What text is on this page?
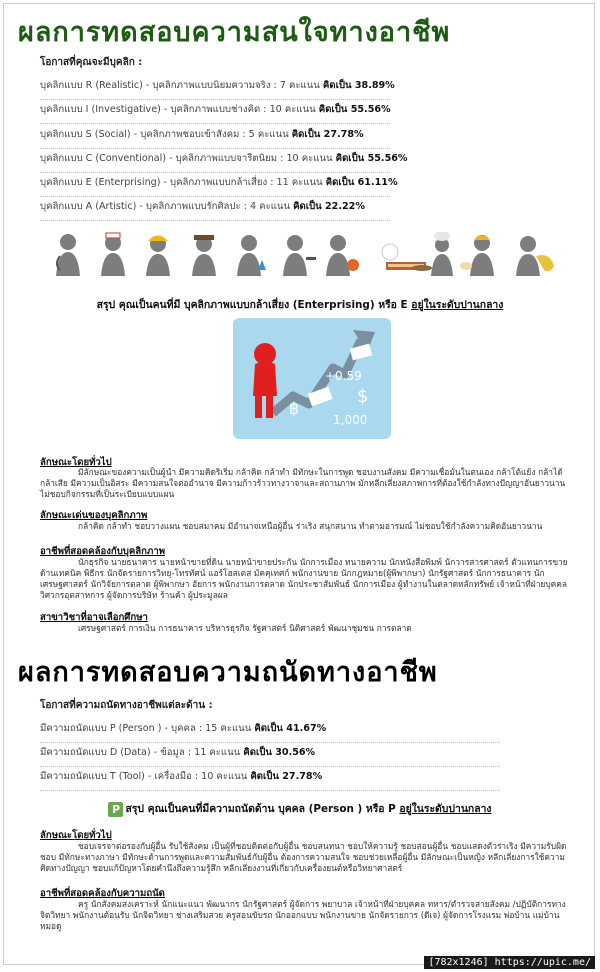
ผลการทดสอบความสนใจทางอาชีพ
โอกาสที่คุณจะมีบุคลิก :
บุคลิกแบบ R (Realistic) - บุคลิกภาพแบบนิยมความจริง : 7 คะแนน คิดเป็น 38.89%
บุคลิกแบบ I (Investigative) - บุคลิกภาพแบบช่างคิด : 10 คะแนน คิดเป็น 55.56%
บุคลิกแบบ S (Social) - บุคลิกภาพชอบเข้าสังคม : 5 คะแนน คิดเป็น 27.78%
บุคลิกแบบ C (Conventional) - บุคลิกภาพแบบจารีตนิยม : 10 คะแนน คิดเป็น 55.56%
บุคลิกแบบ E (Enterprising) - บุคลิกภาพแบบกล้าเสี่ยง : 11 คะแนน คิดเป็น 61.11%
บุคลิกแบบ A (Artistic) - บุคลิกภาพแบบรักศิลปะ : 4 คะแนน คิดเป็น 22.22%
สรุป คุณเป็นคนที่มี บุคลิกภาพแบบกล้าเสี่ยง (Enterprising) หรือ E อยู่ในระดับปานกลาง
+0.59
$
1,000
฿
ลักษณะโดยทั่วไป
มีลักษณะของความเป็นผู้นำ มีความคิดริเริ่ม กล้าคิด กล้าทำ มีทักษะในการพูด ชอบงานสังคม มีความเชื่อมั่นในตนเอง กล้าโต้แย้ง กล้าได้ กล้าเสีย มีความเป็นอิสระ มีความสนใจต่ออำนาจ มีความก้าวร้าวทางวาจาและสถานภาพ มักหลีกเลี่ยงสภาพการที่ต้องใช้กำลังทางปัญญาอันยาวนาน ไม่ชอบกิจกรรมที่เป็นระเบียบแบบแผน
ลักษณะเด่นของบุคลิกภาพ
กล้าคิด กล้าทำ ชอบวางแผน ชอบสมาคม มีอำนาจเหนือผู้อื่น ร่าเริง สนุกสนาน ทำตามอารมณ์ ไม่ชอบใช้กำลังความคิดอันยาวนาน
อาชีพที่สอดคล้องกับบุคลิกภาพ
นักธุรกิจ นายธนาคาร นายหน้าขายที่ดิน นายหน้าขายประกัน นักการเมือง ทนายความ นักหนังสือพิมพ์ นักวารสารศาสตร์ ตัวแทนการขาย ด้านเทคนิค พิธีกร นักจัดรายการวิทยุ-โทรทัศน์ แอร์โฮสเตส มัคคุเทศก์ พนักงานขาย นักกฎหมาย(ผู้พิพากษา) นักรัฐศาสตร์ นักการธนาคาร นักเศรษฐศาสตร์ นักวิจัยการตลาด ผู้พิพากษา อัยการ พนักงานการตลาด นักประชาสัมพันธ์ นักการเมือง ผู้ทำงานในตลาดหลักทรัพย์ เจ้าหน้าที่ฝ่ายบุคคล วิศวกรอุตสาหการ ผู้จัดการบริษัท ร้านค้า ผู้ประมูลผล
สาขาวิชาที่อาจเลือกศึกษา
เศรษฐศาสตร์ การเงิน การธนาคาร บริหารธุรกิจ รัฐศาสตร์ นิติศาสตร์ พัฒนาชุมชน การตลาด
ผลการทดสอบความถนัดทางอาชีพ
โอกาสที่ความถนัดทางอาชีพแต่ละด้าน :
มีความถนัดแบบ P (Person ) - บุคคล : 15 คะแนน คิดเป็น 41.67%
มีความถนัดแบบ D (Data) - ข้อมูล : 11 คะแนน คิดเป็น 30.56%
มีความถนัดแบบ T (Tool) - เครื่องมือ : 10 คะแนน คิดเป็น 27.78%
P สรุป คุณเป็นคนที่มีความถนัดด้าน บุคคล (Person ) หรือ P อยู่ในระดับปานกลาง
ลักษณะโดยทั่วไป
ชอบเจรจาต่อรองกับผู้อื่น รับใช้สังคม เป็นผู้ที่ชอบติดต่อกับผู้อื่น ชอบสนทนา ชอบให้ความรู้ ชอบสอนผู้อื่น ชอบแสดงตัวร่าเริง มีความรับผิดชอบ มีทักษะทางภาษา มีทักษะด้านการพูดและความสัมพันธ์กับผู้อื่น ต้องการความสนใจ ชอบช่วยเหลือผู้อื่น มีลักษณะเป็นหญิง หลีกเลี่ยงการใช้ความคิดทางปัญญา ชอบแก้ปัญหาโดยคำนึงถึงความรู้สึก หลีกเลี่ยงงานที่เกี่ยวกับเครื่องยนต์หรือวิทยาศาสตร์
อาชีพที่สอดคล้องกับความถนัด
ครู นักสังคมสงเคราะห์ นักแนะแนว พัฒนากร นักรัฐศาสตร์ ผู้จัดการ พยาบาล เจ้าหน้าที่ฝ่ายบุคคล ทหาร/ตำรวจสายสังคม /ปฏิบัติการทางจิตวิทยา พนักงานต้อนรับ นักจิตวิทยา ช่างเสริมสวย ครูสอนขับรถ นักออกแบบ พนักงานขาย นักจัดรายการ (ดีเจ) ผู้จัดการโรงแรม พ่อบ้าน แม่บ้าน หมอดู
[782x1246] https://upic.me/
